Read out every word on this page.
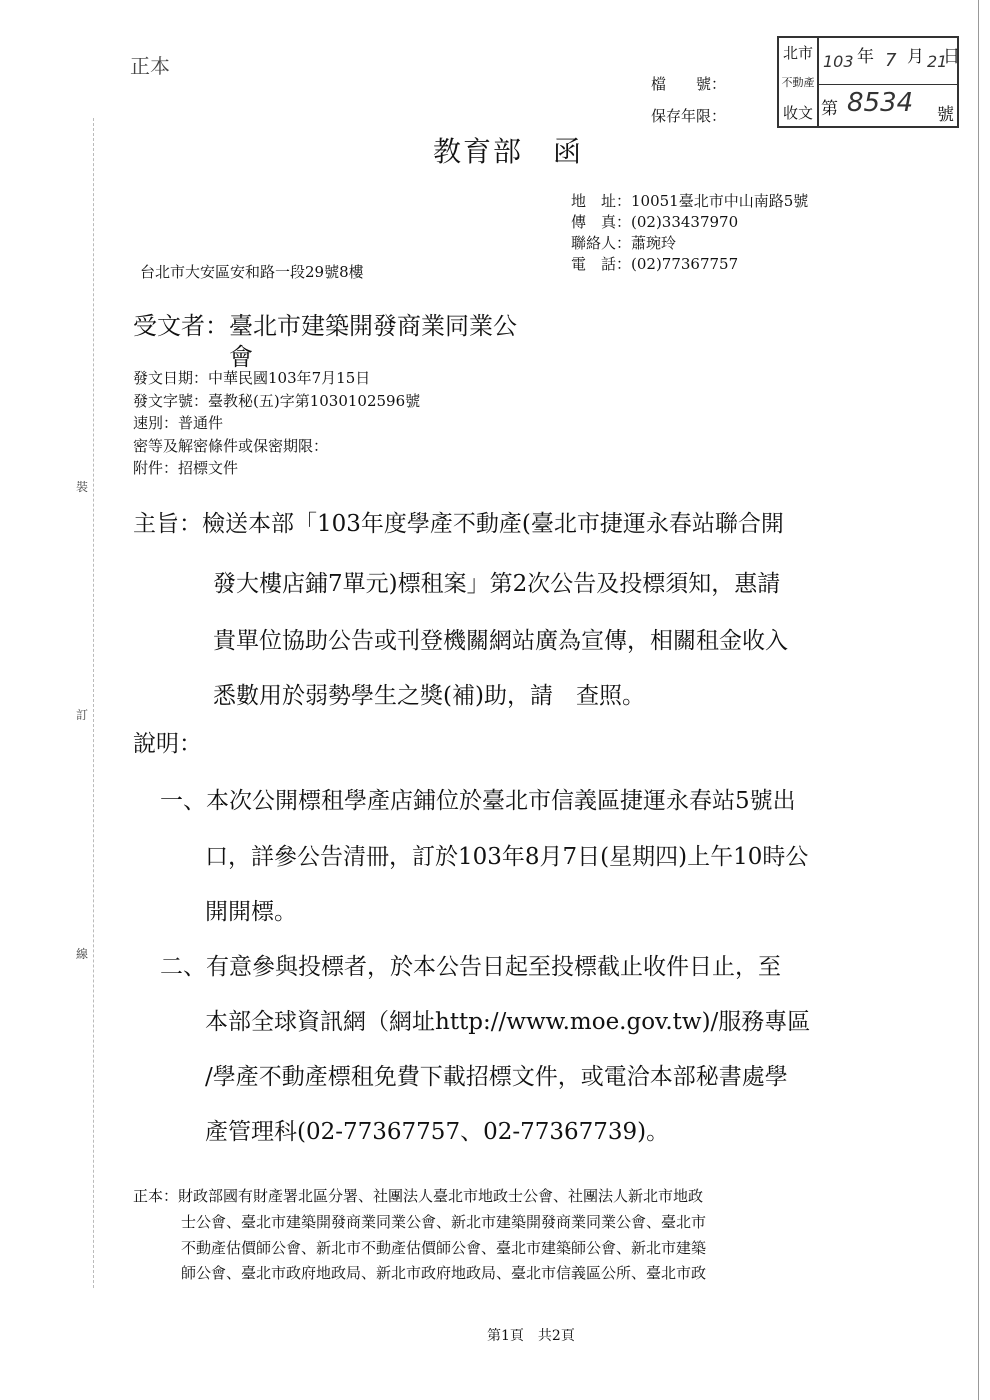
裝
訂
線
正本
北市
不動產
收文
103 年 7 月 21
日
第 8534 號
檔　　號：
保存年限：
教育部　函
地　址：10051臺北市中山南路5號
傳　真：(02)33437970
聯絡人：蕭琬玲
電　話：(02)77367757
台北市大安區安和路一段29號8樓
受文者：臺北市建築開發商業同業公
會
發文日期：中華民國103年7月15日
發文字號：臺教秘(五)字第1030102596號
速別：普通件
密等及解密條件或保密期限：
附件：招標文件
主旨：檢送本部「103年度學產不動產(臺北市捷運永春站聯合開
發大樓店鋪7單元)標租案」第2次公告及投標須知，惠請
貴單位協助公告或刊登機關網站廣為宣傳，相關租金收入
悉數用於弱勢學生之獎(補)助，請　查照。
說明：
一、本次公開標租學產店鋪位於臺北市信義區捷運永春站5號出
口，詳參公告清冊，訂於103年8月7日(星期四)上午10時公
開開標。
二、有意參與投標者，於本公告日起至投標截止收件日止，至
本部全球資訊網（網址http://www.moe.gov.tw)/服務專區
/學產不動產標租免費下載招標文件，或電洽本部秘書處學
產管理科(02-77367757、02-77367739)。
正本：財政部國有財產署北區分署、社團法人臺北市地政士公會、社團法人新北市地政
士公會、臺北市建築開發商業同業公會、新北市建築開發商業同業公會、臺北市
不動產估價師公會、新北市不動產估價師公會、臺北市建築師公會、新北市建築
師公會、臺北市政府地政局、新北市政府地政局、臺北市信義區公所、臺北市政
第1頁　共2頁
